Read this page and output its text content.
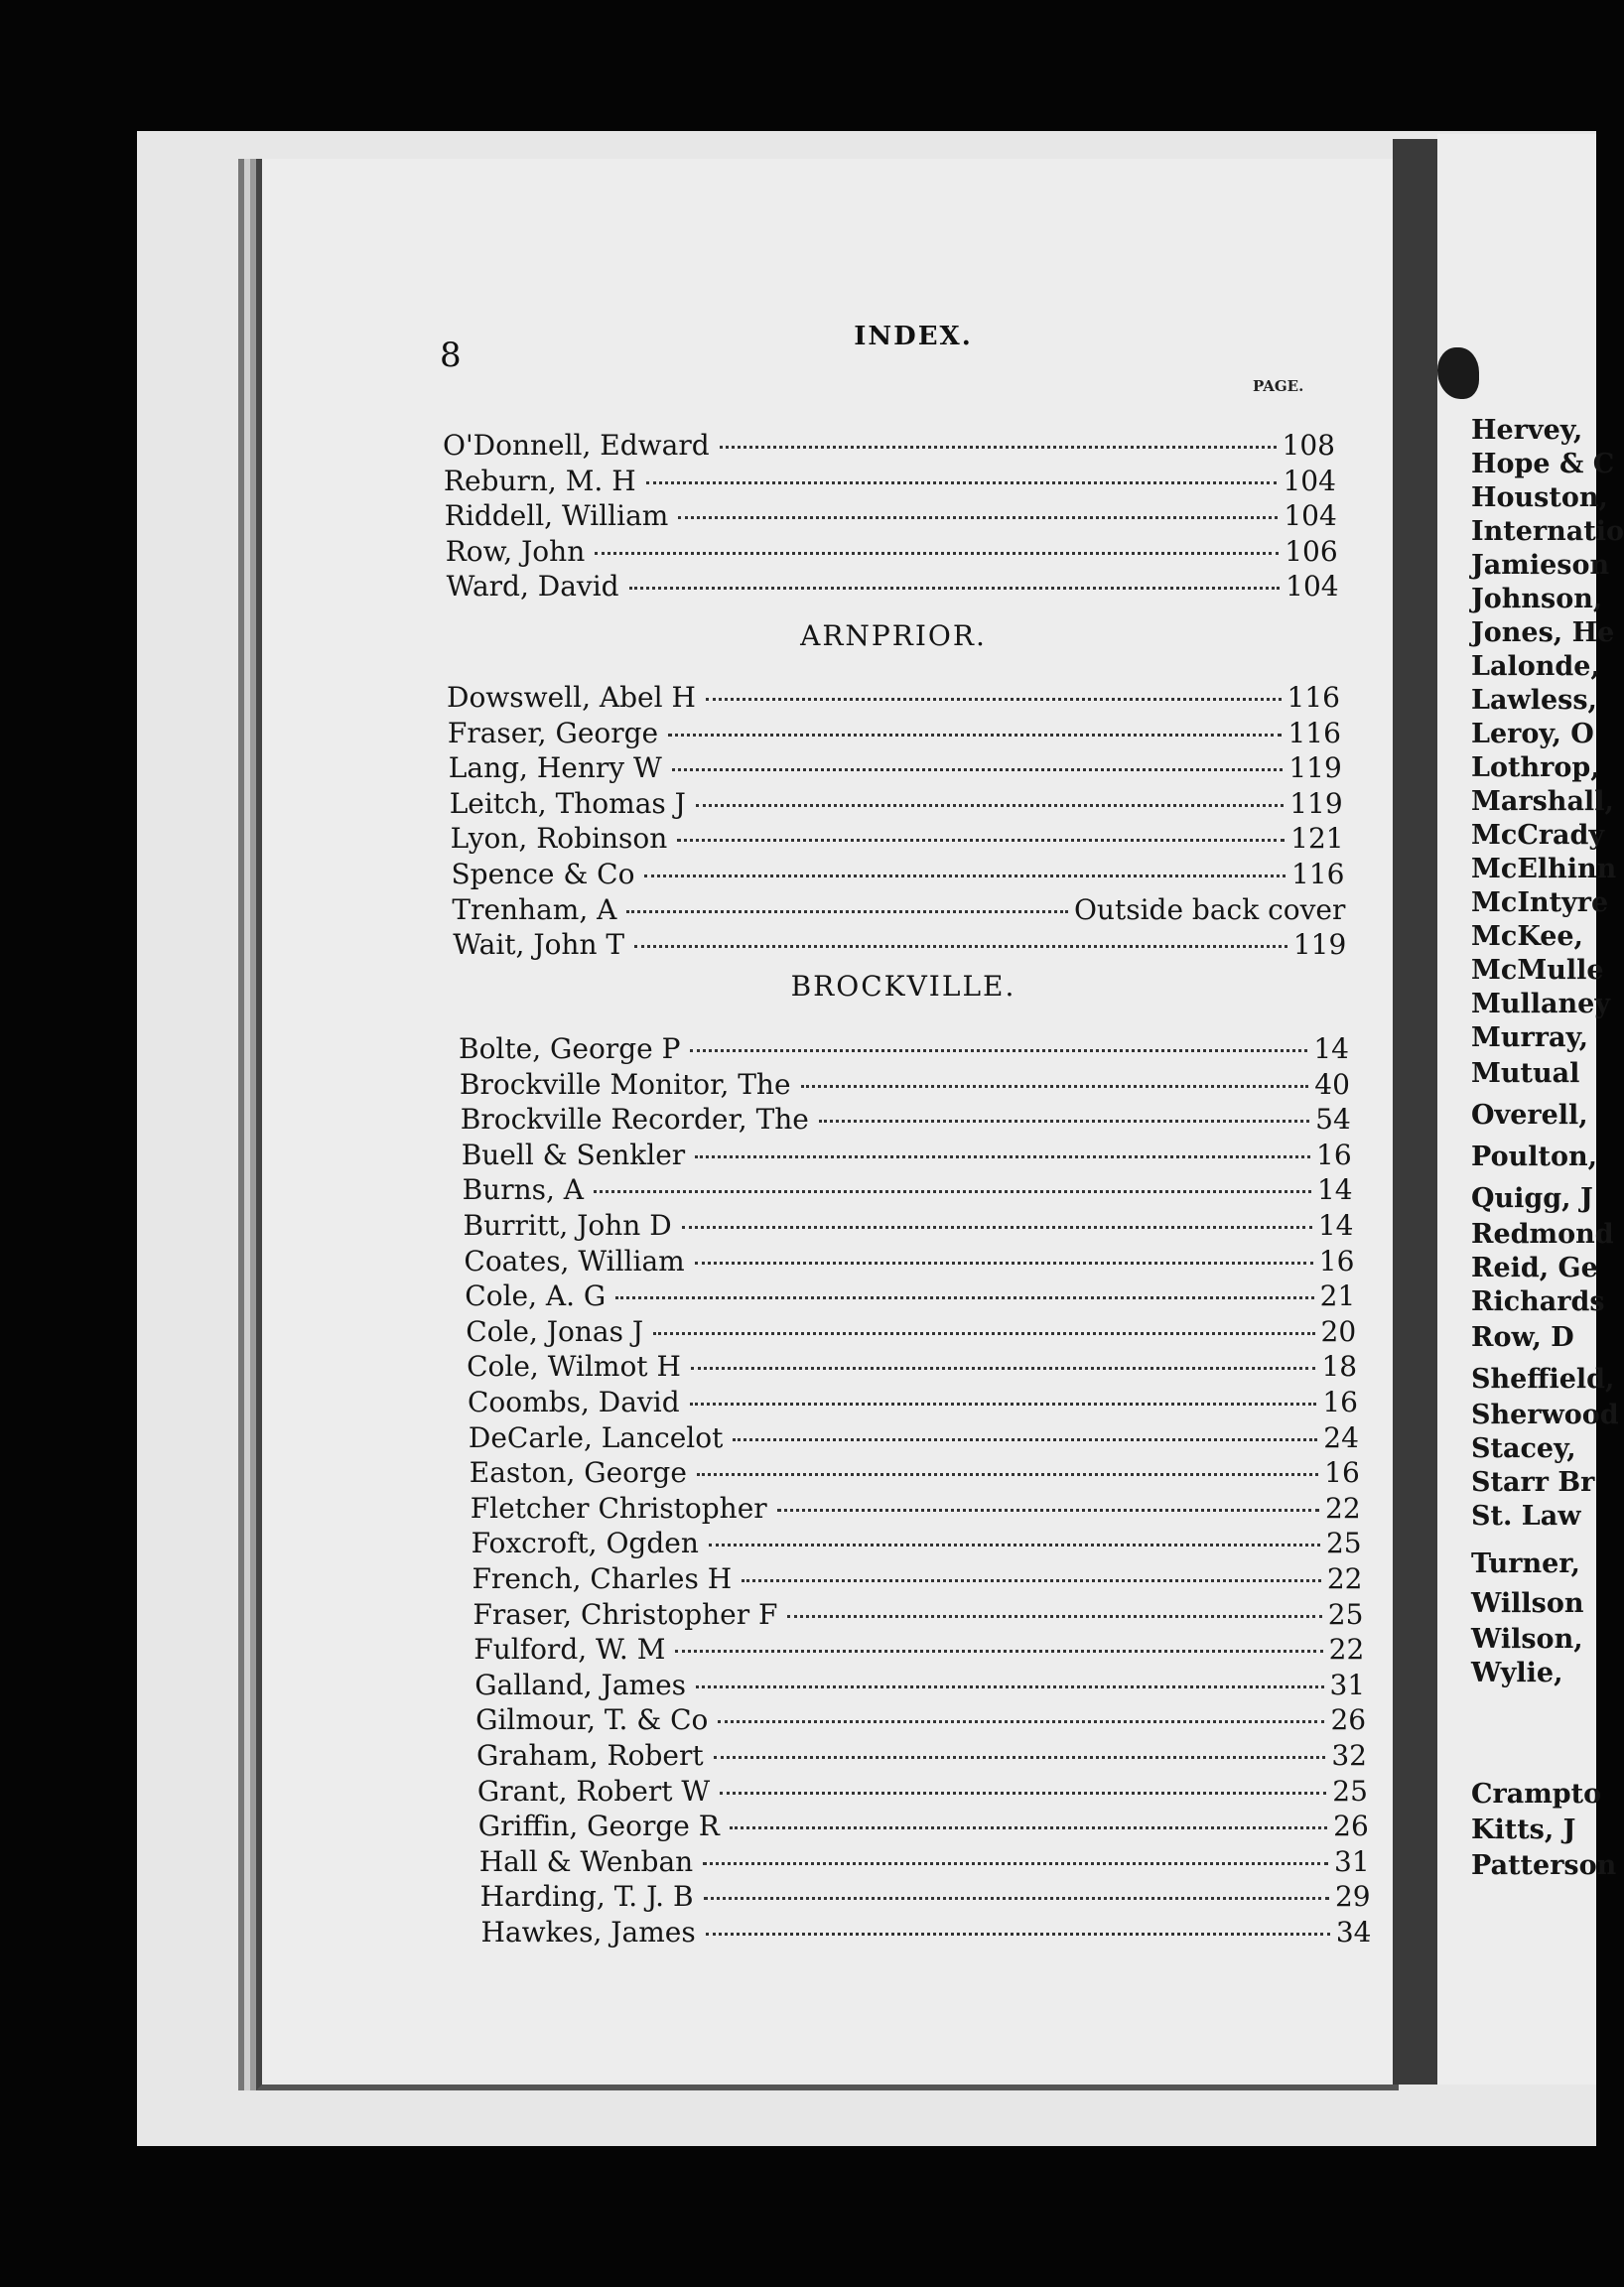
8	INDEX.
PAGE.
O'Donnell, Edward	108
Reburn, M. H	104
Riddell, William	104
Row, John	106
Ward, David	104
ARNPRIOR.
Dowswell, Abel H	116
Fraser, George	116
Lang, Henry W	119
Leitch, Thomas J	119
Lyon, Robinson	121
Spence & Co	116
Trenham, A	Outside back cover
Wait, John T	119
BROCKVILLE.
Bolte, George P	14
Brockville Monitor, The	40
Brockville Recorder, The	54
Buell & Senkler	16
Burns, A	14
Burritt, John D	14
Coates, William	16
Cole, A. G	21
Cole, Jonas J	20
Cole, Wilmot H	18
Coombs, David	16
DeCarle, Lancelot	24
Easton, George	16
Fletcher Christopher	22
Foxcroft, Ogden	25
French, Charles H	22
Fraser, Christopher F	25
Fulford, W. M	22
Galland, James	31
Gilmour, T. & Co	26
Graham, Robert	32
Grant, Robert W	25
Griffin, George R	26
Hall & Wenban	31
Harding, T. J. B	29
Hawkes, James	34
Hervey,
Hope & C
Houston,
Internatio
Jamieson
Johnson,
Jones, He
Lalonde,
Lawless,
Leroy, O
Lothrop,
Marshall,
McCrady
McElhinn
McIntyre
McKee,
McMulle
Mullaney
Murray,
Mutual
Overell,
Poulton,
Quigg, J
Redmond
Reid, Ge
Richards
Row, D
Sheffield,
Sherwood
Stacey,
Starr Br
St. Law
Turner,
Willson
Wilson,
Wylie,
Crampto
Kitts, J
Patterson
